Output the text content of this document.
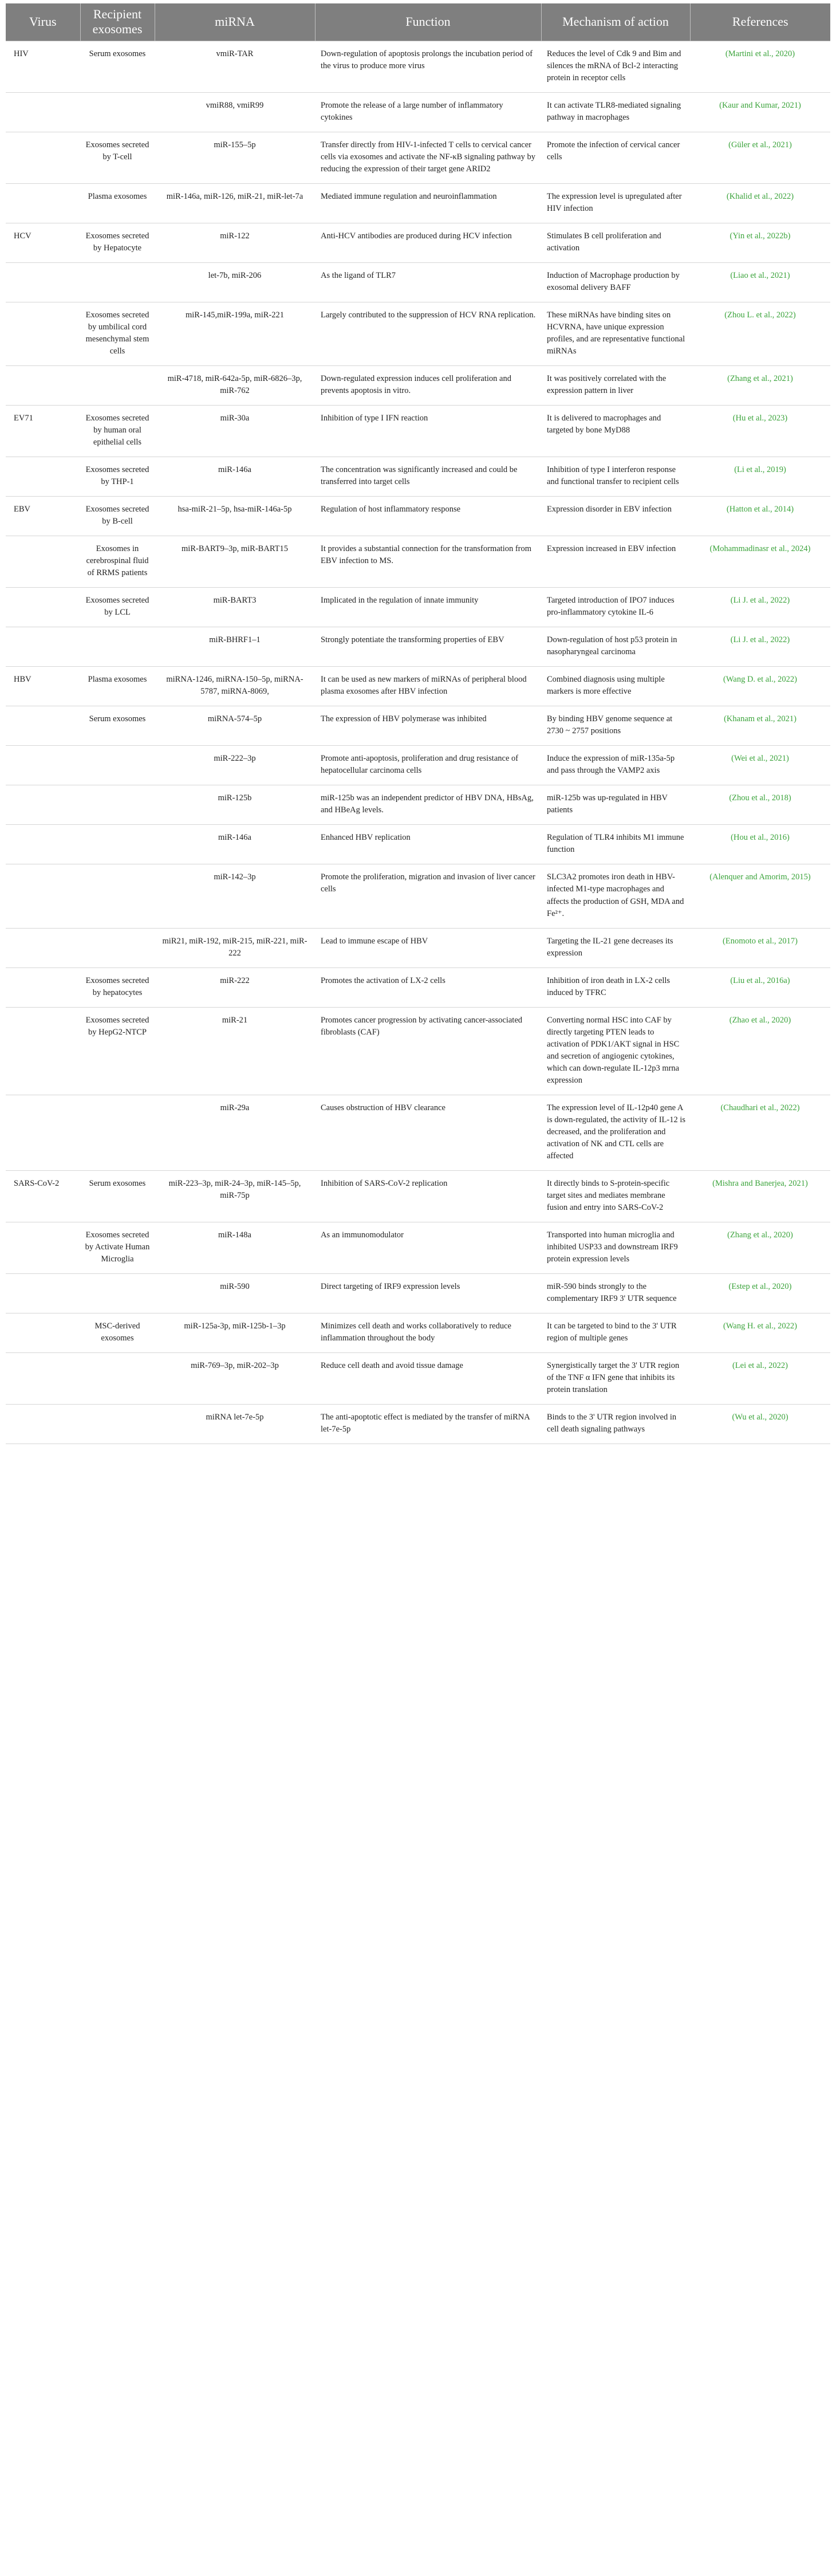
Virus	Recipient exosomes	miRNA	Function	Mechanism of action	References
HIV	Serum exosomes	vmiR-TAR	Down-regulation of apoptosis prolongs the incubation period of the virus to produce more virus	Reduces the level of Cdk 9 and Bim and silences the mRNA of Bcl-2 interacting protein in receptor cells	(Martini et al., 2020)
		vmiR88, vmiR99	Promote the release of a large number of inflammatory cytokines	It can activate TLR8-mediated signaling pathway in macrophages	(Kaur and Kumar, 2021)
	Exosomes secreted by T-cell	miR-155–5p	Transfer directly from HIV-1-infected T cells to cervical cancer cells via exosomes and activate the NF-κB signaling pathway by reducing the expression of their target gene ARID2	Promote the infection of cervical cancer cells	(Güler et al., 2021)
	Plasma exosomes	miR-146a, miR-126, miR-21, miR-let-7a	Mediated immune regulation and neuroinflammation	The expression level is upregulated after HIV infection	(Khalid et al., 2022)
HCV	Exosomes secreted by Hepatocyte	miR-122	Anti-HCV antibodies are produced during HCV infection	Stimulates B cell proliferation and activation	(Yin et al., 2022b)
		let-7b, miR-206	As the ligand of TLR7	Induction of Macrophage production by exosomal delivery BAFF	(Liao et al., 2021)
	Exosomes secreted by umbilical cord mesenchymal stem cells	miR-145,miR-199a, miR-221	Largely contributed to the suppression of HCV RNA replication.	These miRNAs have binding sites on HCVRNA, have unique expression profiles, and are representative functional miRNAs	(Zhou L. et al., 2022)
		miR-4718, miR-642a-5p, miR-6826–3p, miR-762	Down-regulated expression induces cell proliferation and prevents apoptosis in vitro.	It was positively correlated with the expression pattern in liver	(Zhang et al., 2021)
EV71	Exosomes secreted by human oral epithelial cells	miR-30a	Inhibition of type I IFN reaction	It is delivered to macrophages and targeted by bone MyD88	(Hu et al., 2023)
	Exosomes secreted by THP-1	miR-146a	The concentration was significantly increased and could be transferred into target cells	Inhibition of type I interferon response and functional transfer to recipient cells	(Li et al., 2019)
EBV	Exosomes secreted by B-cell	hsa-miR-21–5p, hsa-miR-146a-5p	Regulation of host inflammatory response	Expression disorder in EBV infection	(Hatton et al., 2014)
	Exosomes in cerebrospinal fluid of RRMS patients	miR-BART9–3p, miR-BART15	It provides a substantial connection for the transformation from EBV infection to MS.	Expression increased in EBV infection	(Mohammadinasr et al., 2024)
	Exosomes secreted by LCL	miR-BART3	Implicated in the regulation of innate immunity	Targeted introduction of IPO7 induces pro-inflammatory cytokine IL-6	(Li J. et al., 2022)
		miR-BHRF1–1	Strongly potentiate the transforming properties of EBV	Down-regulation of host p53 protein in nasopharyngeal carcinoma	(Li J. et al., 2022)
HBV	Plasma exosomes	miRNA-1246, miRNA-150–5p, miRNA-5787, miRNA-8069,	It can be used as new markers of miRNAs of peripheral blood plasma exosomes after HBV infection	Combined diagnosis using multiple markers is more effective	(Wang D. et al., 2022)
	Serum exosomes	miRNA-574–5p	The expression of HBV polymerase was inhibited	By binding HBV genome sequence at 2730 ~ 2757 positions	(Khanam et al., 2021)
		miR-222–3p	Promote anti-apoptosis, proliferation and drug resistance of hepatocellular carcinoma cells	Induce the expression of miR-135a-5p and pass through the VAMP2 axis	(Wei et al., 2021)
		miR-125b	miR-125b was an independent predictor of HBV DNA, HBsAg, and HBeAg levels.	miR-125b was up-regulated in HBV patients	(Zhou et al., 2018)
		miR-146a	Enhanced HBV replication	Regulation of TLR4 inhibits M1 immune function	(Hou et al., 2016)
		miR-142–3p	Promote the proliferation, migration and invasion of liver cancer cells	SLC3A2 promotes iron death in HBV-infected M1-type macrophages and affects the production of GSH, MDA and Fe²⁺.	(Alenquer and Amorim, 2015)
		miR21, miR-192, miR-215, miR-221, miR-222	Lead to immune escape of HBV	Targeting the IL-21 gene decreases its expression	(Enomoto et al., 2017)
	Exosomes secreted by hepatocytes	miR-222	Promotes the activation of LX-2 cells	Inhibition of iron death in LX-2 cells induced by TFRC	(Liu et al., 2016a)
	Exosomes secreted by HepG2-NTCP	miR-21	Promotes cancer progression by activating cancer-associated fibroblasts (CAF)	Converting normal HSC into CAF by directly targeting PTEN leads to activation of PDK1/AKT signal in HSC and secretion of angiogenic cytokines, which can down-regulate IL-12p3 mrna expression	(Zhao et al., 2020)
		miR-29a	Causes obstruction of HBV clearance	The expression level of IL-12p40 gene A is down-regulated, the activity of IL-12 is decreased, and the proliferation and activation of NK and CTL cells are affected	(Chaudhari et al., 2022)
SARS-CoV-2	Serum exosomes	miR-223–3p, miR-24–3p, miR-145–5p, miR-75p	Inhibition of SARS-CoV-2 replication	It directly binds to S-protein-specific target sites and mediates membrane fusion and entry into SARS-CoV-2	(Mishra and Banerjea, 2021)
	Exosomes secreted by Activate Human Microglia	miR-148a	As an immunomodulator	Transported into human microglia and inhibited USP33 and downstream IRF9 protein expression levels	(Zhang et al., 2020)
		miR-590	Direct targeting of IRF9 expression levels	miR-590 binds strongly to the complementary IRF9 3' UTR sequence	(Estep et al., 2020)
	MSC-derived exosomes	miR-125a-3p, miR-125b-1–3p	Minimizes cell death and works collaboratively to reduce inflammation throughout the body	It can be targeted to bind to the 3' UTR region of multiple genes	(Wang H. et al., 2022)
		miR-769–3p, miR-202–3p	Reduce cell death and avoid tissue damage	Synergistically target the 3' UTR region of the TNF α IFN gene that inhibits its protein translation	(Lei et al., 2022)
		miRNA let-7e-5p	The anti-apoptotic effect is mediated by the transfer of miRNA let-7e-5p	Binds to the 3' UTR region involved in cell death signaling pathways	(Wu et al., 2020)
